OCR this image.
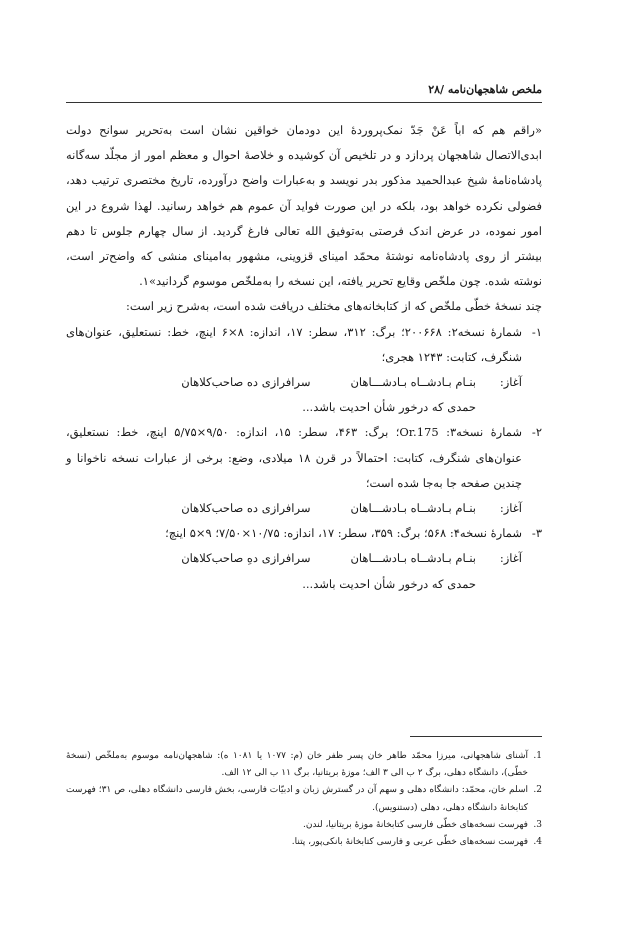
ملخص شاهجهان‌نامه /۲۸

«راقم هم که اباً عَنْ جَدّ نمک‌پروردهٔ این دودمان خواقین نشان است به‌تحریر سوانح دولت ابدی‌الاتصال شاهجهان پردازد و در تلخیص آن کوشیده و خلاصهٔ احوال و معظم امور از مجلّد سه‌گانه پادشاه‌نامهٔ شیخ عبدالحمید مذکور بدر نویسد و به‌عبارات واضح درآورده، تاریخ مختصری ترتیب دهد، فضولی نکرده خواهد بود، بلکه در این صورت فواید آن عموم هم خواهد رسانید. لهذا شروع در این امور نموده، در عرض اندک فرصتی به‌توفیق الله تعالی فارغ گردید. از سال چهارم جلوس تا دهم بیشتر از روی پادشاه‌نامه نوشتهٔ محمّد امینای قزوینی، مشهور به‌امینای منشی که واضح‌تر است، نوشته شده. چون ملخّص وقایع تحریر یافته، این نسخه را به‌ملخّص موسوم گردانید»۱.

چند نسخهٔ خطّی ملخّص که از کتابخانه‌های مختلف دریافت شده است، به‌شرح زیر است:

۱-
شمارهٔ نسخه۲: ۲۰۰۶۶۸؛ برگ: ۳۱۲، سطر: ۱۷، اندازه: ۸×۶ اینچ، خط: نستعلیق، عنوان‌های شنگرف، کتابت: ۱۲۴۳ هجری؛
آغاز:
بنـام بـادشــاه بـادشـــاهان
سرافرازی ده صاحب‌کلاهان
حمدی که درخور شأن احدیت باشد...
۲-
شمارهٔ نسخه۳: Or.175؛ برگ: ۴۶۳، سطر: ۱۵، اندازه: ۹/۵۰×۵/۷۵ اینچ، خط: نستعلیق، عنوان‌های شنگرف، کتابت: احتمالاً در قرن ۱۸ میلادی، وضع: برخی از عبارات نسخه ناخوانا و چندین صفحه جا به‌جا شده است؛
آغاز:
بنـام بـادشــاه بـادشـــاهان
سرافرازی ده صاحب‌کلاهان
۳-
شمارهٔ نسخه۴: ۵۶۸؛ برگ: ۳۵۹، سطر: ۱۷، اندازه: ۱۰/۷۵×۷/۵۰؛ ۹×۵ اینچ؛
آغاز:
بنـام بـادشــاه بـادشـــاهان
سرافرازی دهِ صاحب‌کلاهان
حمدی که درخور شأن احدیت باشد...
1.
آشنای شاهجهانی، میرزا محمّد طاهر خان پسر ظفر خان (م: ۱۰۷۷ یا ۱۰۸۱ ه): شاهجهان‌نامه موسوم به‌ملخّص (نسخهٔ خطّی)، دانشگاه دهلی، برگ ۲ ب الی ۳ الف؛ موزهٔ بریتانیا، برگ ۱۱ ب الی ۱۲ الف.
2.
اسلم خان، محمّد: دانشگاه دهلی و سهم آن در گسترش زبان و ادبیّات فارسی، بخش فارسی دانشگاه دهلی، ص ۳۱؛ فهرست کتابخانهٔ دانشگاه دهلی، دهلی (دستنویس).
3.
فهرست نسخه‌های خطّی فارسی کتابخانهٔ موزهٔ بریتانیا، لندن.
4.
فهرست نسخه‌های خطّی عربی و فارسی کتابخانهٔ بانکی‌پور، پتنا.
